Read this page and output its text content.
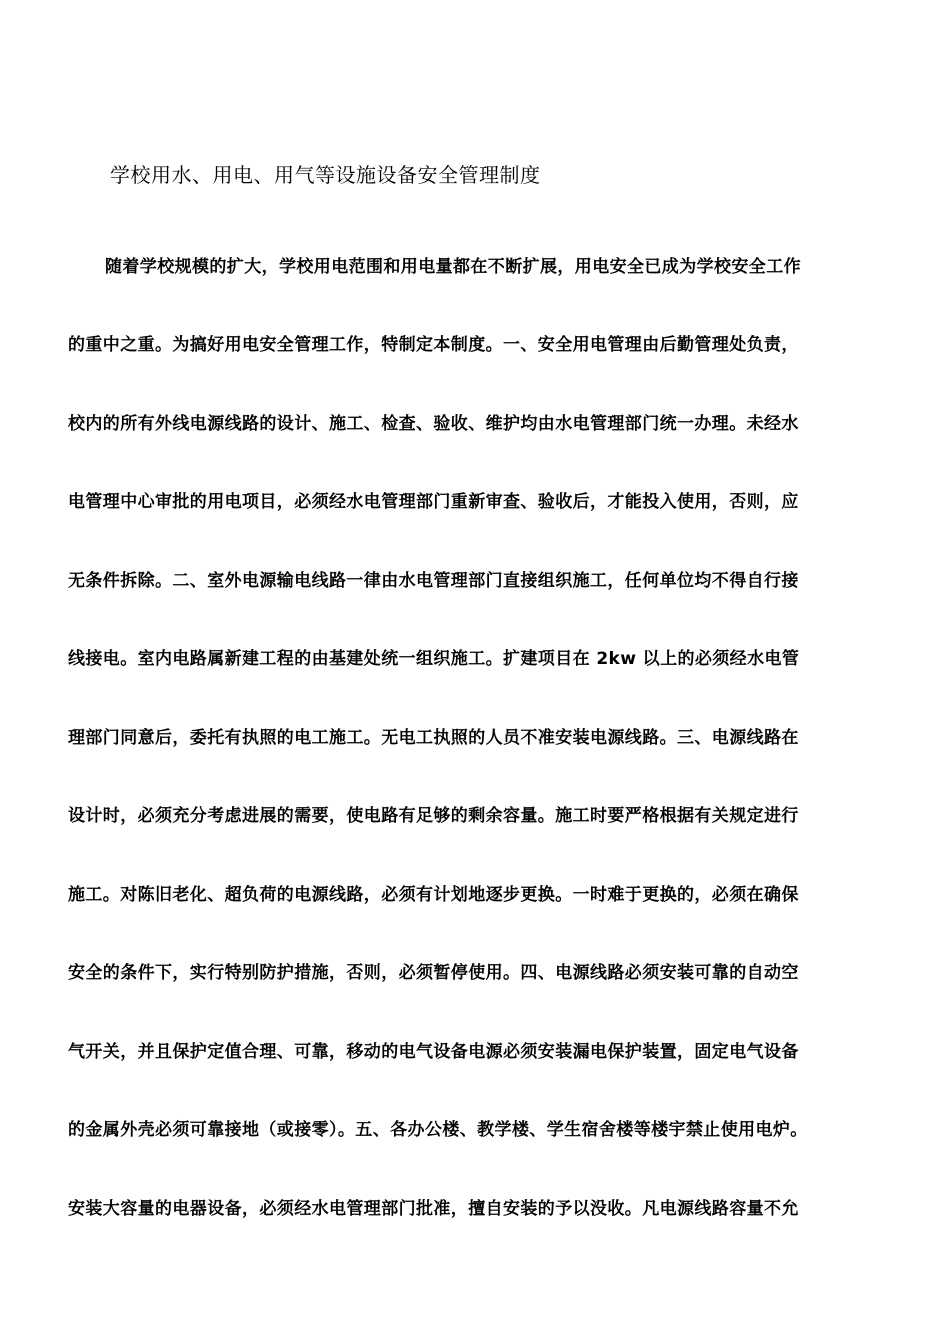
学校用水、用电、用气等设施设备安全管理制度
随着学校规模的扩大，学校用电范围和用电量都在不断扩展，用电安全已成为学校安全工作
的重中之重。为搞好用电安全管理工作，特制定本制度。一、安全用电管理由后勤管理处负责，
校内的所有外线电源线路的设计、施工、检查、验收、维护均由水电管理部门统一办理。未经水
电管理中心审批的用电项目，必须经水电管理部门重新审查、验收后，才能投入使用，否则，应
无条件拆除。二、室外电源输电线路一律由水电管理部门直接组织施工，任何单位均不得自行接
线接电。室内电路属新建工程的由基建处统一组织施工。扩建项目在 2kw 以上的必须经水电管
理部门同意后，委托有执照的电工施工。无电工执照的人员不准安装电源线路。三、电源线路在
设计时，必须充分考虑进展的需要，使电路有足够的剩余容量。施工时要严格根据有关规定进行
施工。对陈旧老化、超负荷的电源线路，必须有计划地逐步更换。一时难于更换的，必须在确保
安全的条件下，实行特别防护措施，否则，必须暂停使用。四、电源线路必须安装可靠的自动空
气开关，并且保护定值合理、可靠，移动的电气设备电源必须安装漏电保护装置，固定电气设备
的金属外壳必须可靠接地（或接零）。五、各办公楼、教学楼、学生宿舍楼等楼宇禁止使用电炉。
安装大容量的电器设备，必须经水电管理部门批准，擅自安装的予以没收。凡电源线路容量不允
